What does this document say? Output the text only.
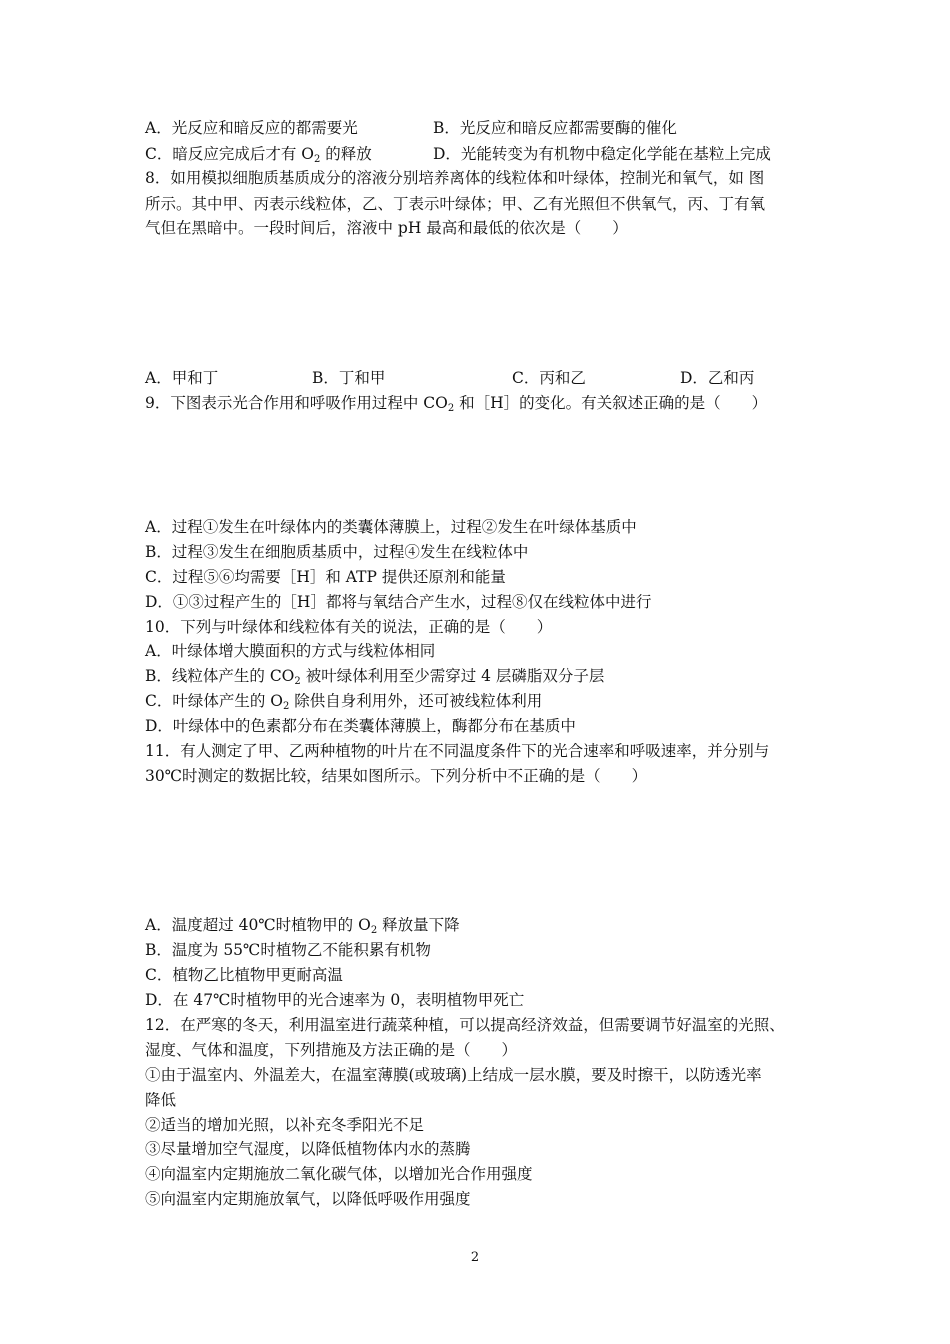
A．光反应和暗反应的都需要光	B．光反应和暗反应都需要酶的催化
C．暗反应完成后才有 $O_2$ 的释放	D．光能转变为有机物中稳定化学能在基粒上完成
8．如用模拟细胞质基质成分的溶液分别培养离体的线粒体和叶绿体，控制光和氧气，如 图
所示。其中甲、丙表示线粒体，乙、丁表示叶绿体；甲、乙有光照但不供氧气，丙、丁有氧
气但在黑暗中。一段时间后，溶液中 pH 最高和最低的依次是（　　）
A．甲和丁	B．丁和甲	C．丙和乙	D．乙和丙
9．下图表示光合作用和呼吸作用过程中 $CO_2$ 和［H］的变化。有关叙述正确的是（　　）
A．过程①发生在叶绿体内的类囊体薄膜上，过程②发生在叶绿体基质中
B．过程③发生在细胞质基质中，过程④发生在线粒体中
C．过程⑤⑥均需要［H］和 ATP 提供还原剂和能量
D．①③过程产生的［H］都将与氧结合产生水，过程⑧仅在线粒体中进行
10．下列与叶绿体和线粒体有关的说法，正确的是（　　）
A．叶绿体增大膜面积的方式与线粒体相同
B．线粒体产生的 $CO_2$ 被叶绿体利用至少需穿过 4 层磷脂双分子层
C．叶绿体产生的 $O_2$ 除供自身利用外，还可被线粒体利用
D．叶绿体中的色素都分布在类囊体薄膜上，酶都分布在基质中
11．有人测定了甲、乙两种植物的叶片在不同温度条件下的光合速率和呼吸速率，并分别与
30℃时测定的数据比较，结果如图所示。下列分析中不正确的是（　　）
A．温度超过 40℃时植物甲的 $O_2$ 释放量下降
B．温度为 55℃时植物乙不能积累有机物
C．植物乙比植物甲更耐高温
D．在 47℃时植物甲的光合速率为 0，表明植物甲死亡
12．在严寒的冬天，利用温室进行蔬菜种植，可以提高经济效益，但需要调节好温室的光照、
湿度、气体和温度，下列措施及方法正确的是（　　）
①由于温室内、外温差大，在温室薄膜(或玻璃)上结成一层水膜，要及时擦干，以防透光率
降低
②适当的增加光照，以补充冬季阳光不足
③尽量增加空气湿度，以降低植物体内水的蒸腾
④向温室内定期施放二氧化碳气体，以增加光合作用强度
⑤向温室内定期施放氧气，以降低呼吸作用强度
2
